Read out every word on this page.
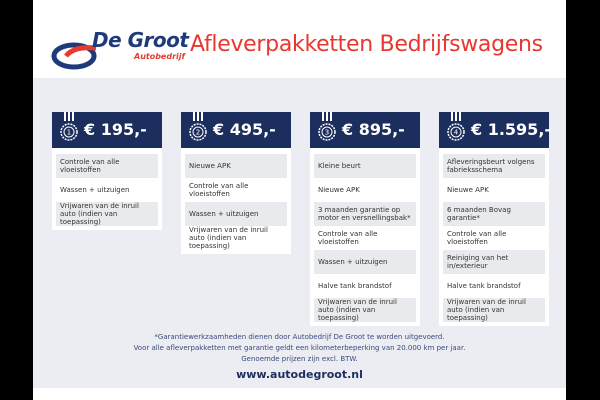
De Groot
Autobedrijf Afleverpakketten Bedrijfswagens
1 € 195,-
Controle van alle vloeistoffen
Wassen + uitzuigen
Vrijwaren van de inruil auto (indien van toepassing)
2 € 495,-
Nieuwe APK
Controle van alle vloeistoffen
Wassen + uitzuigen
Vrijwaren van de inruil auto (indien van toepassing)
3 € 895,-
Kleine beurt
Nieuwe APK
3 maanden garantie op motor en versnellingsbak*
Controle van alle vloeistoffen
Wassen + uitzuigen
Halve tank brandstof
Vrijwaren van de inruil auto (indien van toepassing)
4 € 1.595,-
Afleveringsbeurt volgens fabrieksschema
Nieuwe APK
6 maanden Bovag garantie*
Controle van alle vloeistoffen
Reiniging van het in/exterieur
Halve tank brandstof
Vrijwaren van de inruil auto (indien van toepassing)
*Garantiewerkzaamheden dienen door Autobedrijf De Groot te worden uitgevoerd.
Voor alle afleverpakketten met garantie geldt een kilometerbeperking van 20.000 km per jaar.
Genoemde prijzen zijn excl. BTW.
www.autodegroot.nl
